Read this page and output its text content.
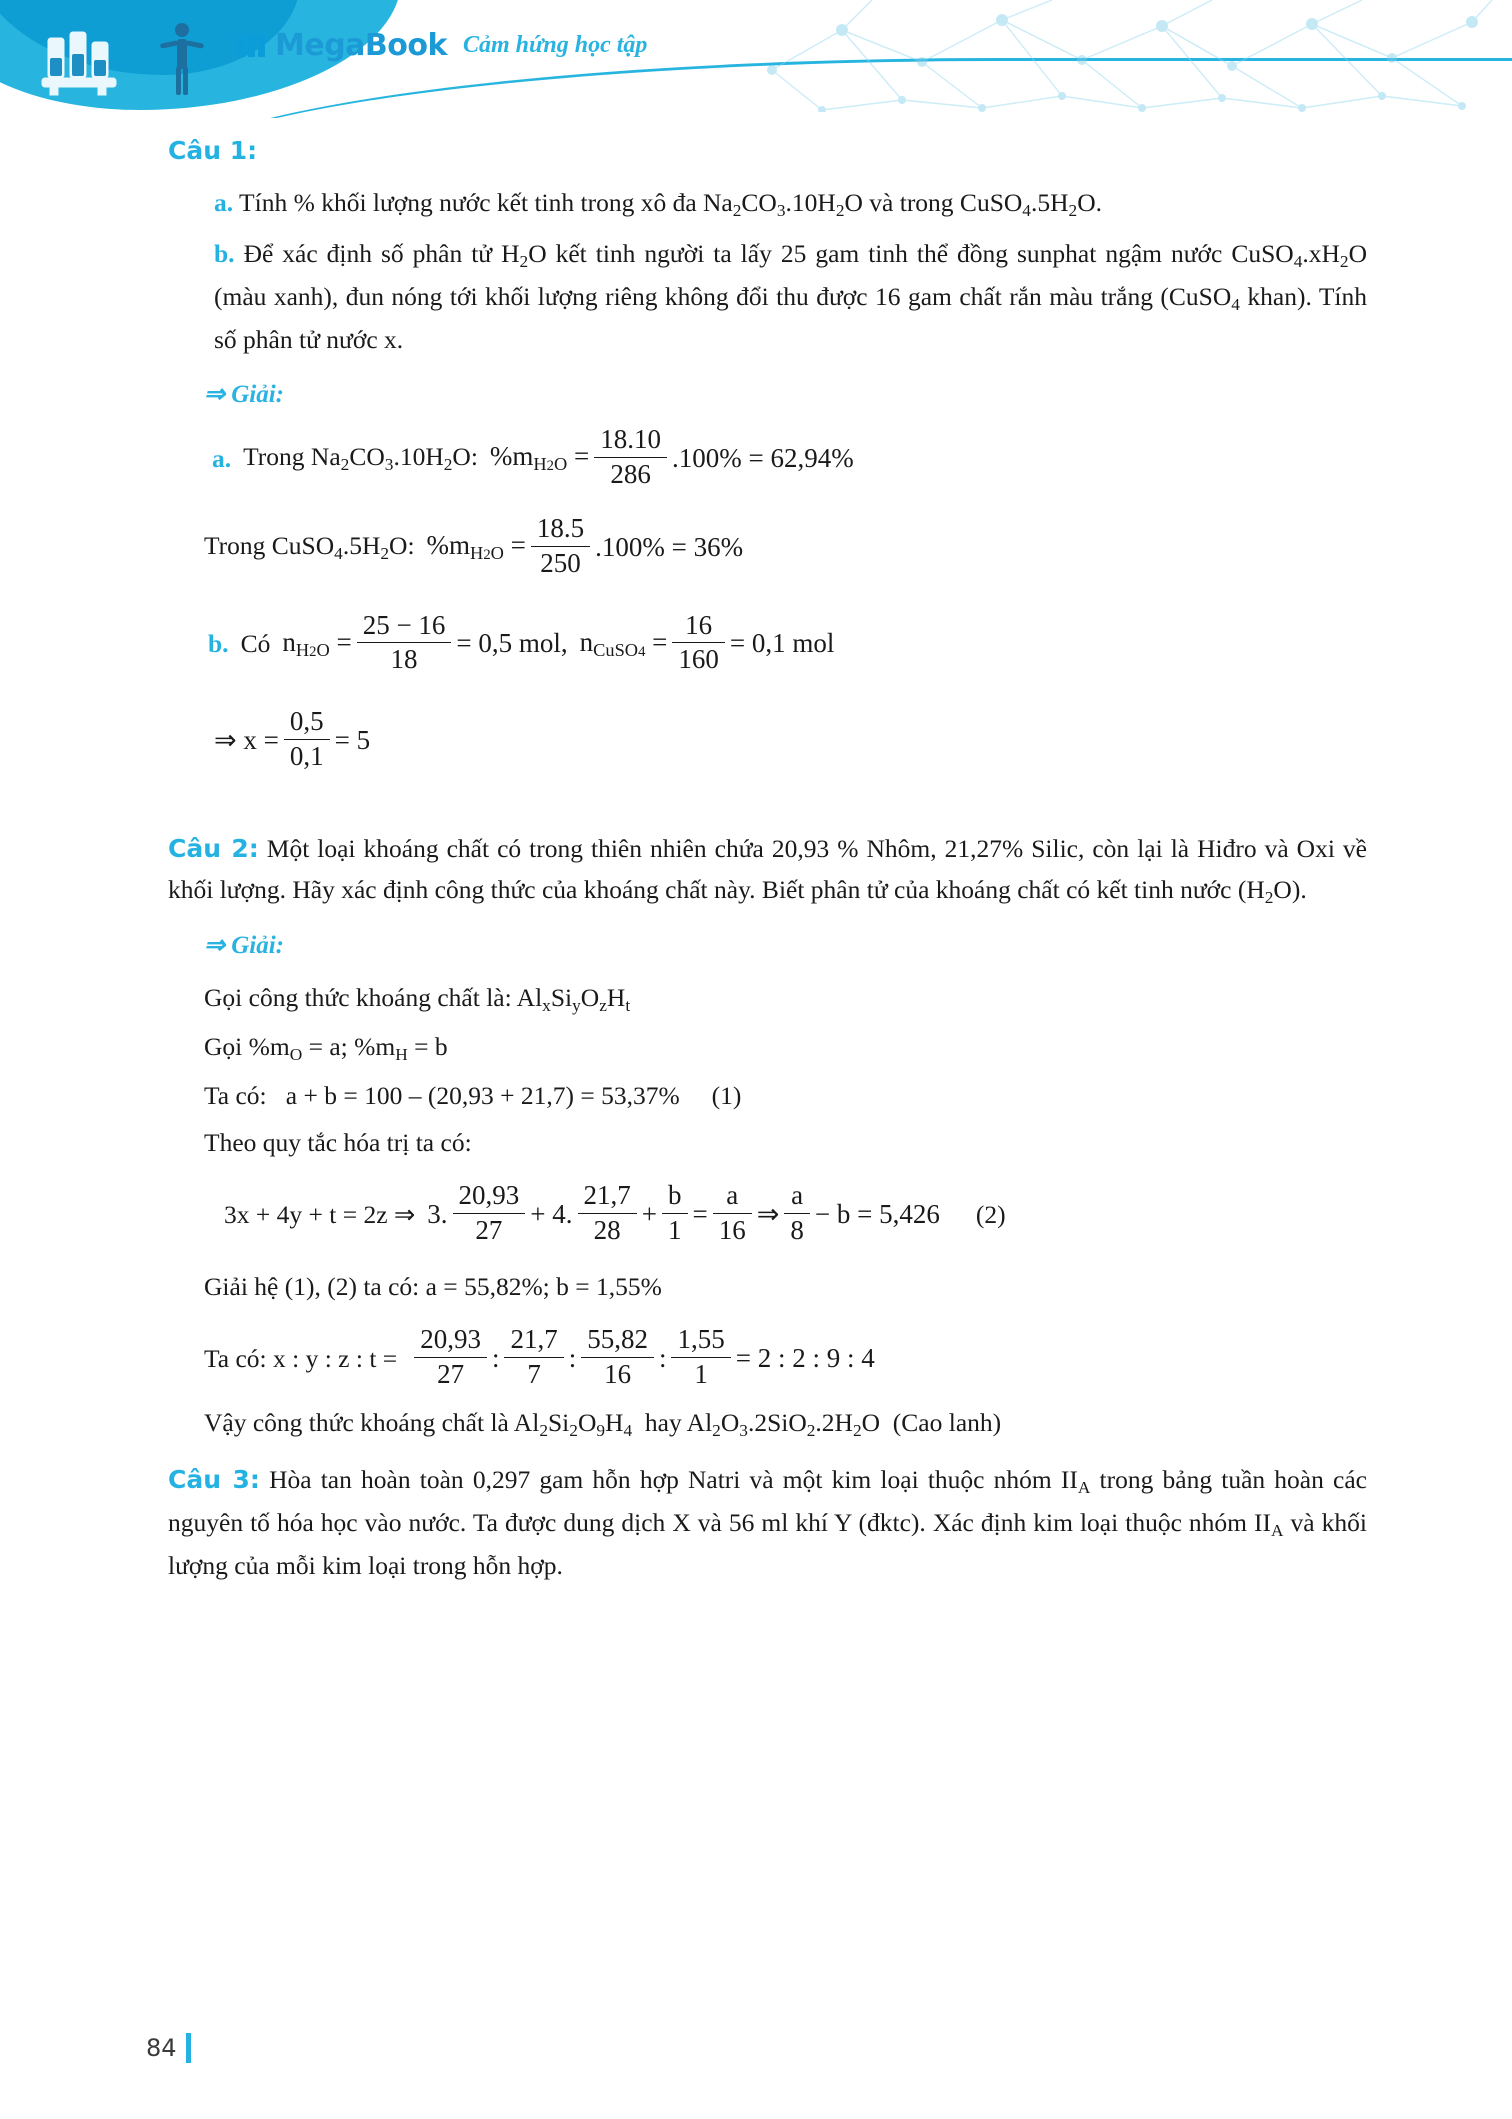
MegaBook Cảm hứng học tập

Câu 1:

a. Tính % khối lượng nước kết tinh trong xô đa $Na_2CO_3.10H_2O$ và trong $CuSO_4.5H_2O$.
b. Để xác định số phân tử $H_2O$ kết tinh người ta lấy 25 gam tinh thể đồng sunphat ngậm nước $CuSO_4.xH_2O$ (màu xanh), đun nóng tới khối lượng riêng không đổi thu được 16 gam chất rắn màu trắng (CuSO$_4$ khan). Tính số phân tử nước x.
⇒ Giải:
a. Trong $Na_2CO_3.10H_2O$: $\%m_{H2O} = \frac{18.10}{286} .100\% = 62,94\%$
Trong $CuSO_4.5H_2O$: $\%m_{H2O} = \frac{18.5}{250} .100\% = 36\%$
b. Có $n_{H2O} = \frac{25 - 16}{18} = 0,5$ mol , $n_{CuSO4} = \frac{16}{160} = 0,1$ mol
⇒ $x = \frac{0,5}{0,1} = 5$
Câu 2: Một loại khoáng chất có trong thiên nhiên chứa 20,93 % Nhôm, 21,27% Silic, còn lại là Hiđro và Oxi về khối lượng. Hãy xác định công thức của khoáng chất này. Biết phân tử của khoáng chất có kết tinh nước $(H_2O)$.
⇒ Giải:

Gọi công thức khoáng chất là: $Al_xSi_yO_zH_t$

Gọi $\%m_O = a$; $\%m_H = b$

Ta có:   a + b = 100 – (20,93 + 21,7) = 53,37%     (1)

Theo quy tắc hóa trị ta có:

3x + 4y + t = 2z ⇒ 3. $\frac{20,93}{27} + 4$. $\frac{21,7}{28} + \frac{b}{1} = \frac{a}{16}$ ⇒ $\frac{a}{8} - b = 5,426$ (2)

Giải hệ (1), (2) ta có: a = 55,82%; b = 1,55%

Ta có: x : y : z : $t = \frac{20,93}{27}$ : $\frac{21,7}{7}$ : $\frac{55,82}{16}$ : $\frac{1,55}{1} = 2$ : 2 : 9 : 4

Vậy công thức khoáng chất là $Al_2Si_2O_9H_4$  hay $Al_2O_3.2SiO_2.2H_2O$  (Cao lanh)

Câu 3: Hòa tan hoàn toàn 0,297 gam hỗn hợp Natri và một kim loại thuộc nhóm $II_A$ trong bảng tuần hoàn các nguyên tố hóa học vào nước. Ta được dung dịch X và 56 ml khí Y (đktc). Xác định kim loại thuộc nhóm $II_A$ và khối lượng của mỗi kim loại trong hỗn hợp.
84
